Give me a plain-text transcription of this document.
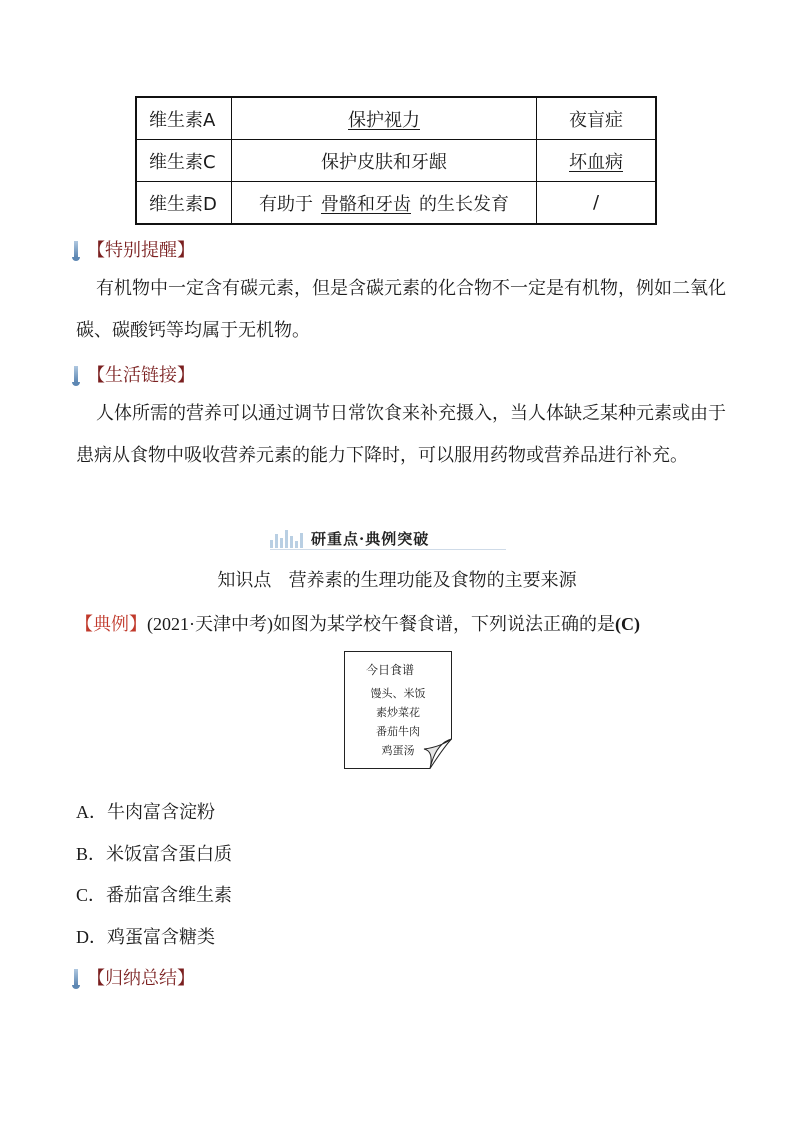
维生素A	保护视力	夜盲症
维生素C	保护皮肤和牙龈	坏血病
维生素D	有助于 骨骼和牙齿 的生长发育	/
【特别提醒】

有机物中一定含有碳元素，但是含碳元素的化合物不一定是有机物，例如二氧化碳、碳酸钙等均属于无机物。

【生活链接】

人体所需的营养可以通过调节日常饮食来补充摄入，当人体缺乏某种元素或由于患病从食物中吸收营养元素的能力下降时，可以服用药物或营养品进行补充。

研重点·典例突破
知识点 营养素的生理功能及食物的主要来源
【典例】(2021·天津中考)如图为某学校午餐食谱，下列说法正确的是(C)
今日食谱
馒头、米饭
素炒菜花
番茄牛肉
鸡蛋汤
A．牛肉富含淀粉
B．米饭富含蛋白质
C．番茄富含维生素
D．鸡蛋富含糖类
【归纳总结】
